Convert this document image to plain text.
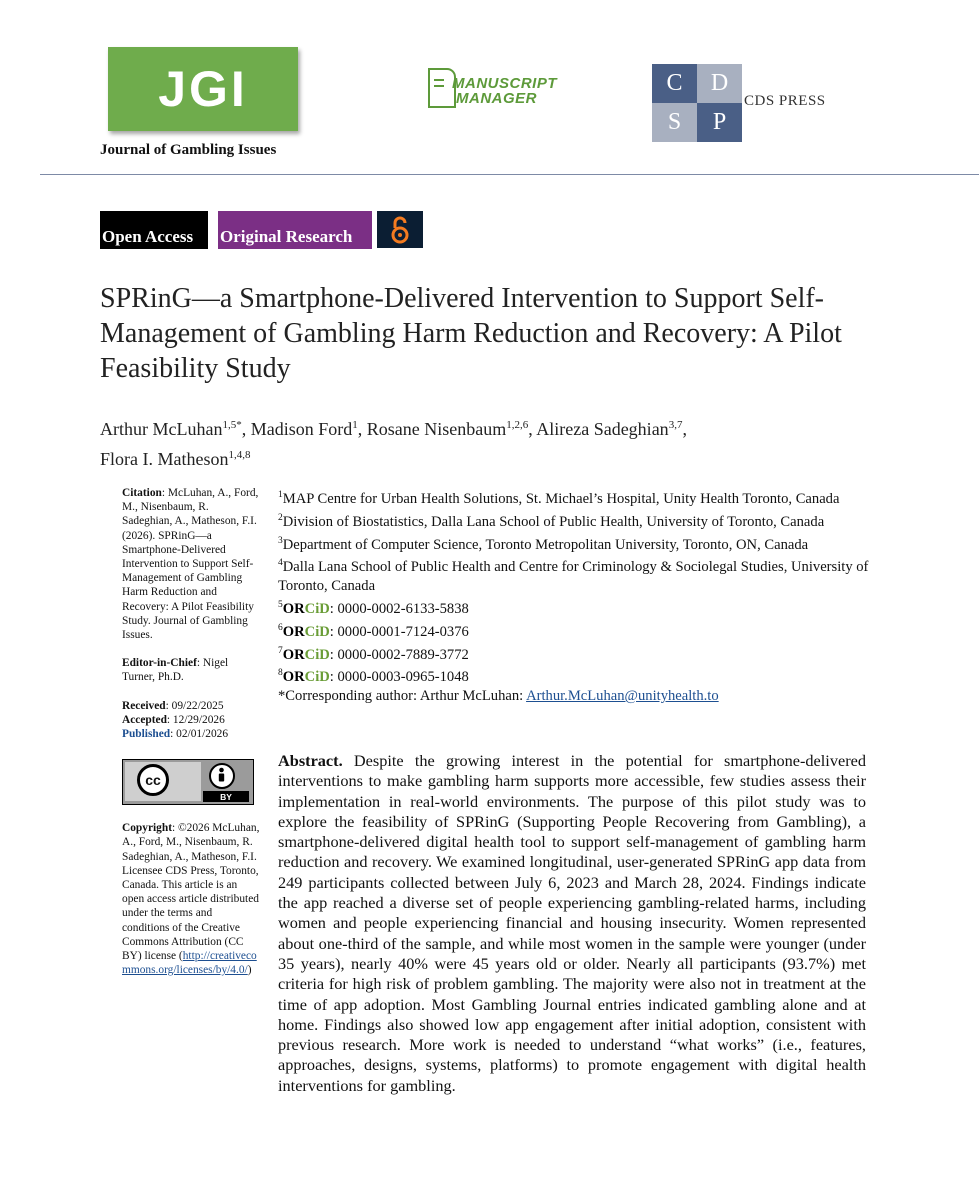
JGI
Journal of Gambling Issues
MANUSCRIPT
MANAGER
C	D
S	P
CDS PRESS
Open Access	Original Research
SPRinG—a Smartphone-Delivered Intervention to Support Self-Management of Gambling Harm Reduction and Recovery: A Pilot Feasibility Study
Arthur McLuhan$^{1,5*}$, Madison Ford$^1$, Rosane Nisenbaum$^{1,2,6}$, Alireza Sadeghian$^{3,7}$,
Flora I. Matheson$^{1,4,8}$

Citation: McLuhan, A., Ford, M., Nisenbaum, R. Sadeghian, A., Matheson, F.I. (2026). SPRinG—a Smartphone-Delivered Intervention to Support Self-Management of Gambling Harm Reduction and Recovery: A Pilot Feasibility Study. Journal of Gambling Issues.

Editor-in-Chief: Nigel Turner, Ph.D.

Received: 09/22/2025

Accepted: 12/29/2026

Published: 02/01/2026

cc
BY

Copyright: ©2026 McLuhan, A., Ford, M., Nisenbaum, R. Sadeghian, A., Matheson, F.I. Licensee CDS Press, Toronto, Canada. This article is an open access article distributed under the terms and conditions of the Creative Commons Attribution (CC BY) license (http://creativecommons.org/licenses/by/4.0/)

$^1$MAP Centre for Urban Health Solutions, St. Michael’s Hospital, Unity Health Toronto, Canada

$^2$Division of Biostatistics, Dalla Lana School of Public Health, University of Toronto, Canada

$^3$Department of Computer Science, Toronto Metropolitan University, Toronto, ON, Canada

$^4$Dalla Lana School of Public Health and Centre for Criminology & Sociolegal Studies, University of Toronto, Canada

$^5$ORCiD: 0000-0002-6133-5838

$^6$ORCiD: 0000-0001-7124-0376

$^7$ORCiD: 0000-0002-7889-3772

$^8$ORCiD: 0000-0003-0965-1048

*Corresponding author: Arthur McLuhan: Arthur.McLuhan@unityhealth.to

Abstract. Despite the growing interest in the potential for smartphone-delivered interventions to make gambling harm supports more accessible, few studies assess their implementation in real-world environments. The purpose of this pilot study was to explore the feasibility of SPRinG (Supporting People Recovering from Gambling), a smartphone-delivered digital health tool to support self-management of gambling harm reduction and recovery. We examined longitudinal, user-generated SPRinG app data from 249 participants collected between July 6, 2023 and March 28, 2024. Findings indicate the app reached a diverse set of people experiencing gambling-related harms, including women and people experiencing financial and housing insecurity. Women represented about one-third of the sample, and while most women in the sample were younger (under 35 years), nearly 40% were 45 years old or older. Nearly all participants (93.7%) met criteria for high risk of problem gambling. The majority were also not in treatment at the time of app adoption. Most Gambling Journal entries indicated gambling alone and at home. Findings also showed low app engagement after initial adoption, consistent with previous research. More work is needed to understand “what works” (i.e., features, approaches, designs, systems, platforms) to promote engagement with digital health interventions for gambling.
